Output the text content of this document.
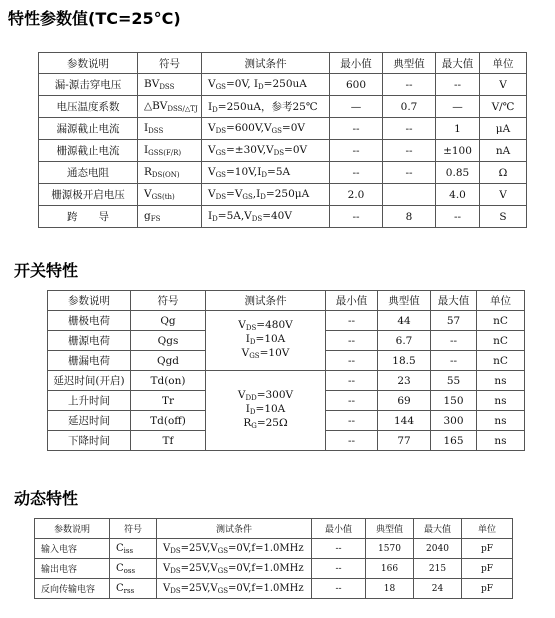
特性参数值(TC=25°C)
参数说明	符号	测试条件	最小值	典型值	最大值	单位
漏-源击穿电压	$BV_{DSS}$	$V_{GS}=0V$, $I_D=250uA$	600	--	--	V
电压温度系数	$\triangle BV_{DSS/\triangle TJ}$	$I_D=250uA$，参考25℃	—	0.7	—	V/℃
漏源截止电流	$I_{DSS}$	$V_{DS}=600V,V_{GS}=0V$	--	--	1	μA
栅源截止电流	$I_{GSS(F/R)}$	$V_{GS}=\pm 30V,V_{DS}=0V$	--	--	±100	nA
通态电阻	$R_{DS(ON)}$	$V_{GS}=10V,I_D=5A$	--	--	0.85	Ω
栅源极开启电压	$V_{GS(th)}$	$V_{DS}=V_{GS},I_D=250\mu A$	2.0		4.0	V
跨　　导	$g_{FS}$	$I_D=5A,V_{DS}=40V$	--	8	--	S
开关特性
参数说明	符号	测试条件	最小值	典型值	最大值	单位
栅极电荷	Qg	$V_{DS}=480V$
$I_D=10A$
$V_{GS}=10V$	--	44	57	nC
栅源电荷	Qgs		--	6.7	--	nC
栅漏电荷	Qgd		--	18.5	--	nC
延迟时间(开启)	Td(on)	$V_{DD}=300V$
$I_D=10A$
$R_G=25\Omega$	--	23	55	ns
上升时间	Tr		--	69	150	ns
延迟时间	Td(off)		--	144	300	ns
下降时间	Tf		--	77	165	ns
动态特性
参数说明	符号	测试条件	最小值	典型值	最大值	单位
输入电容	$C_{iss}$	$V_{DS}=25V,V_{GS}=0V,f=1.0MHz$	--	1570	2040	pF
输出电容	$C_{oss}$	$V_{DS}=25V,V_{GS}=0V,f=1.0MHz$	--	166	215	pF
反向传输电容	$C_{rss}$	$V_{DS}=25V,V_{GS}=0V,f=1.0MHz$	--	18	24	pF
